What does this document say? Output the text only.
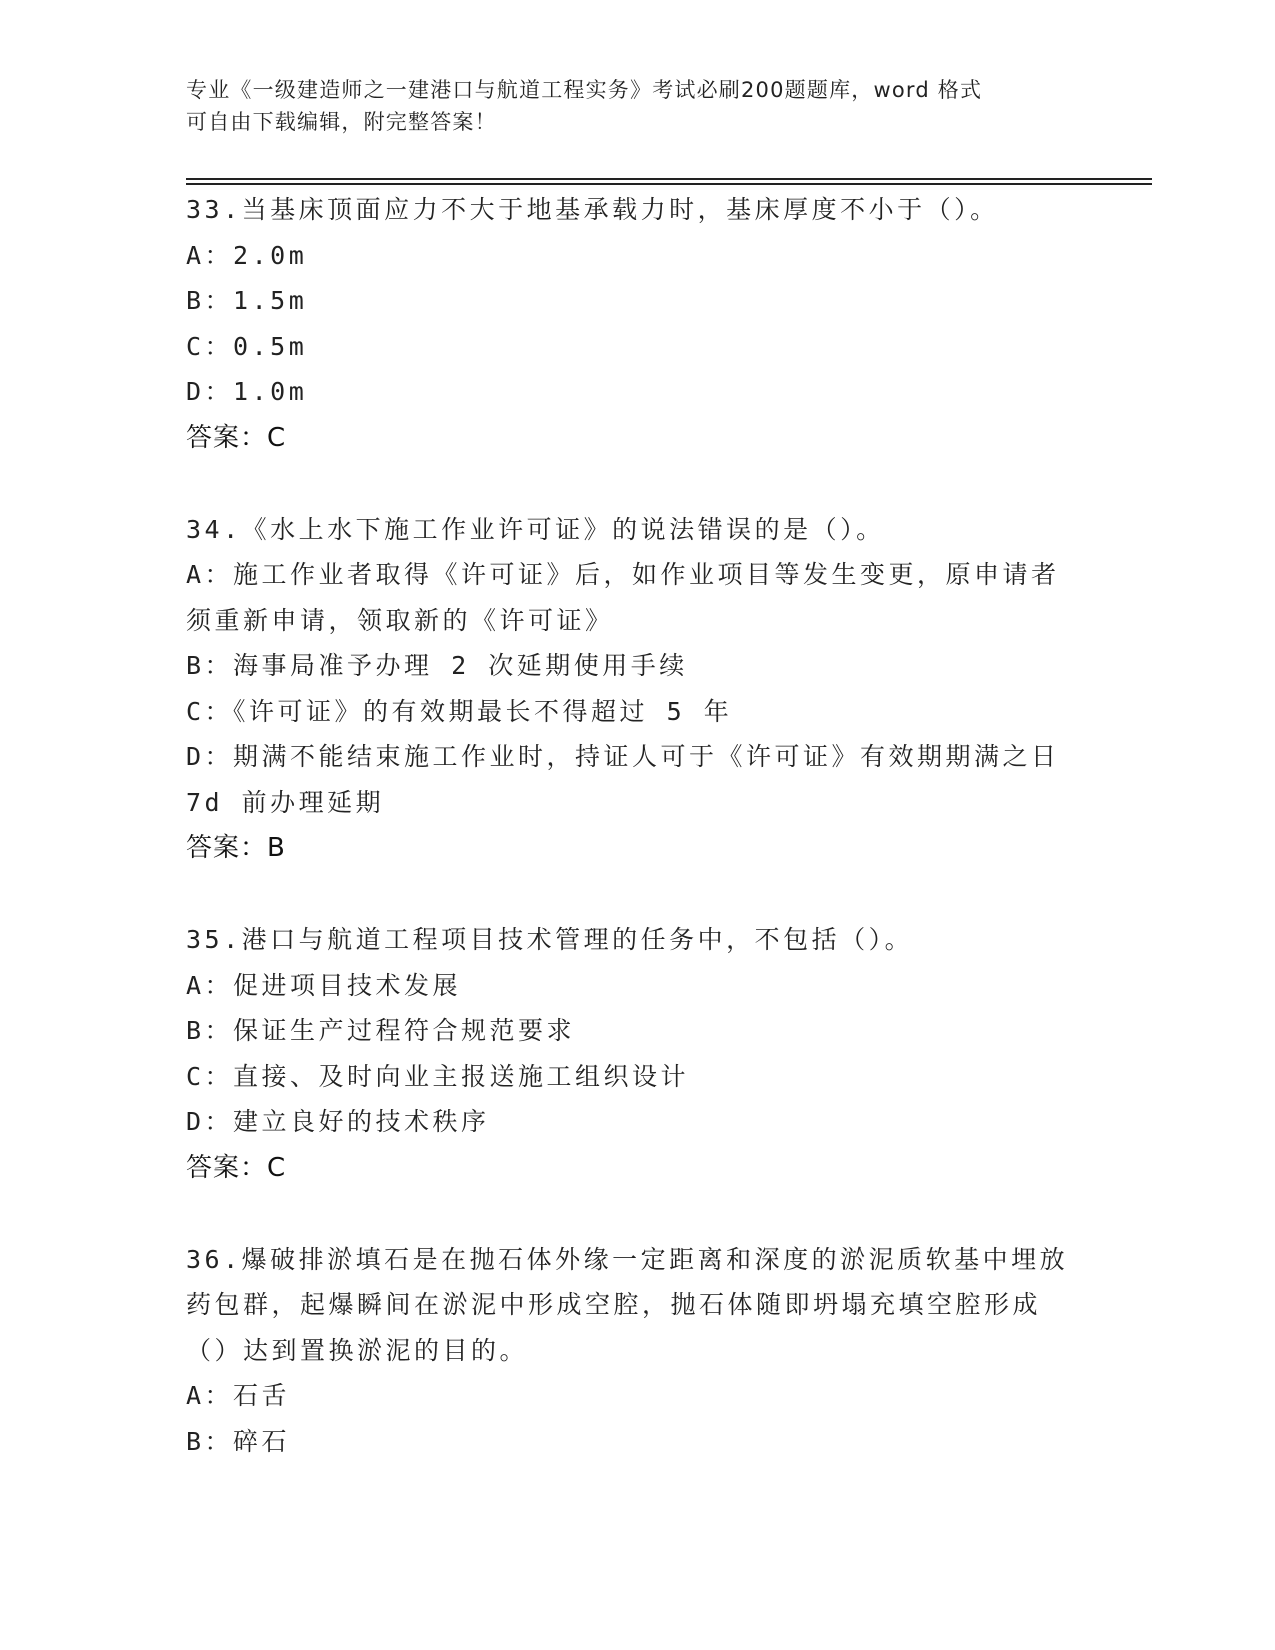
专业《一级建造师之一建港口与航道工程实务》考试必刷200题题库，word 格式
可自由下载编辑，附完整答案！

33.当基床顶面应力不大于地基承载力时，基床厚度不小于（）。

A：2.0m

B：1.5m

C：0.5m

D：1.0m

答案：C

34.《水上水下施工作业许可证》的说法错误的是（）。

A：施工作业者取得《许可证》后，如作业项目等发生变更，原申请者

须重新申请，领取新的《许可证》

B：海事局准予办理 2 次延期使用手续

C：《许可证》的有效期最长不得超过 5 年

D：期满不能结束施工作业时，持证人可于《许可证》有效期期满之日

7d 前办理延期

答案：B

35.港口与航道工程项目技术管理的任务中，不包括（）。

A：促进项目技术发展

B：保证生产过程符合规范要求

C：直接、及时向业主报送施工组织设计

D：建立良好的技术秩序

答案：C

36.爆破排淤填石是在抛石体外缘一定距离和深度的淤泥质软基中埋放

药包群，起爆瞬间在淤泥中形成空腔，抛石体随即坍塌充填空腔形成

（）达到置换淤泥的目的。

A：石舌

B：碎石
